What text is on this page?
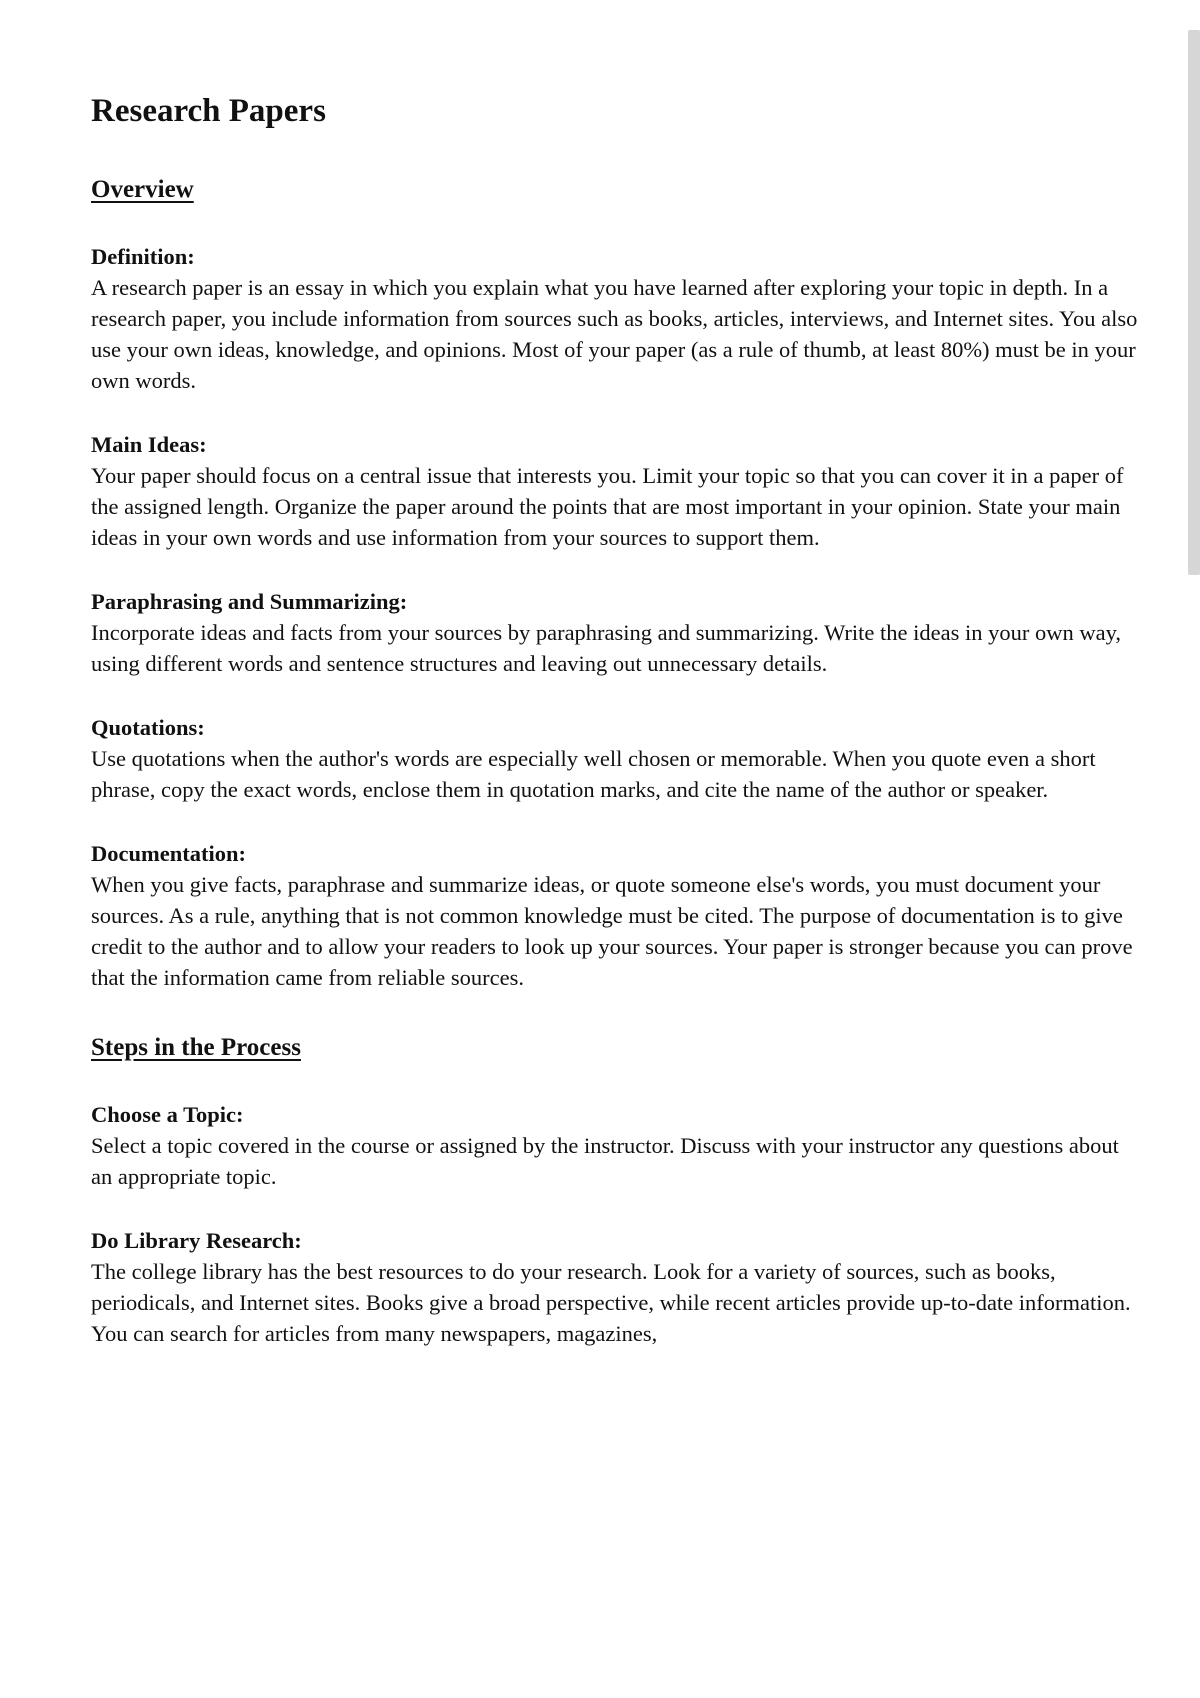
Research Papers
Overview

Definition:

A research paper is an essay in which you explain what you have learned after exploring your topic in depth. In a research paper, you include information from sources such as books, articles, interviews, and Internet sites. You also use your own ideas, knowledge, and opinions. Most of your paper (as a rule of thumb, at least 80%) must be in your own words.

Main Ideas:

Your paper should focus on a central issue that interests you. Limit your topic so that you can cover it in a paper of the assigned length. Organize the paper around the points that are most important in your opinion. State your main ideas in your own words and use information from your sources to support them.

Paraphrasing and Summarizing:

Incorporate ideas and facts from your sources by paraphrasing and summarizing. Write the ideas in your own way, using different words and sentence structures and leaving out unnecessary details.

Quotations:

Use quotations when the author's words are especially well chosen or memorable. When you quote even a short phrase, copy the exact words, enclose them in quotation marks, and cite the name of the author or speaker.

Documentation:

When you give facts, paraphrase and summarize ideas, or quote someone else's words, you must document your sources. As a rule, anything that is not common knowledge must be cited. The purpose of documentation is to give credit to the author and to allow your readers to look up your sources. Your paper is stronger because you can prove that the information came from reliable sources.

Steps in the Process

Choose a Topic:

Select a topic covered in the course or assigned by the instructor. Discuss with your instructor any questions about an appropriate topic.

Do Library Research:

The college library has the best resources to do your research. Look for a variety of sources, such as books, periodicals, and Internet sites. Books give a broad perspective, while recent articles provide up-to-date information. You can search for articles from many newspapers, magazines,
